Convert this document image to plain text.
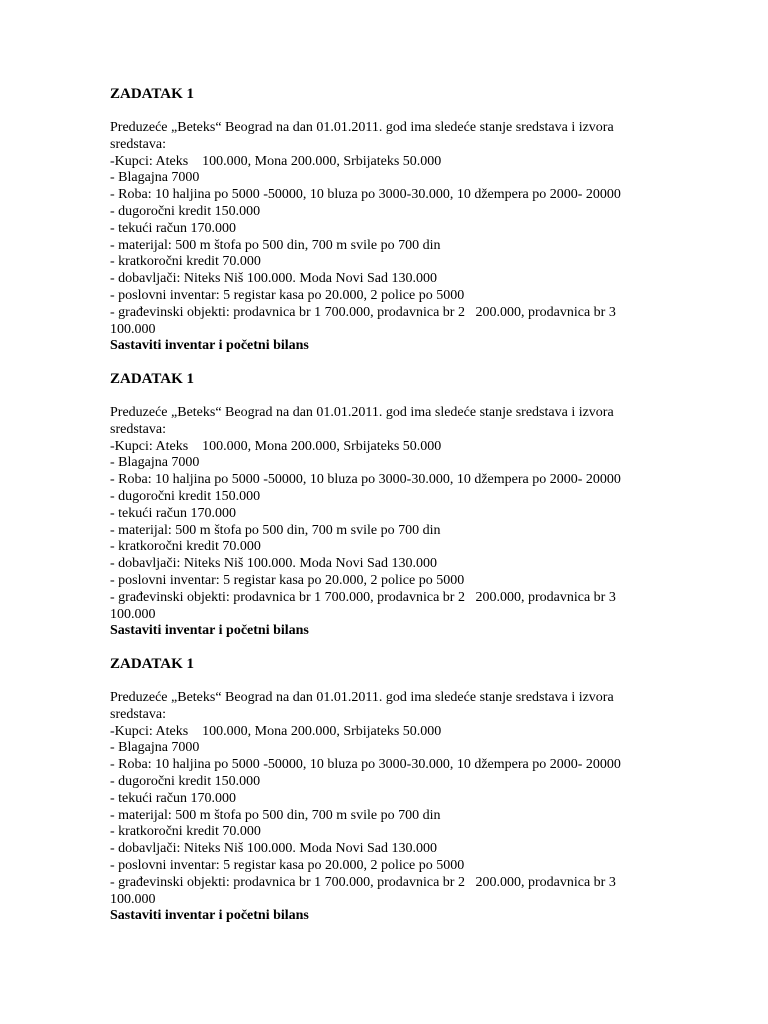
ZADATAK 1
Preduzeće „Beteks“ Beograd na dan 01.01.2011. god ima sledeće stanje sredstava i izvora
sredstava:
-Kupci: Ateks    100.000, Mona 200.000, Srbijateks 50.000
- Blagajna 7000
- Roba: 10 haljina po 5000 -50000, 10 bluza po 3000-30.000, 10 džempera po 2000- 20000
- dugoročni kredit 150.000
- tekući račun 170.000
- materijal: 500 m štofa po 500 din, 700 m svile po 700 din
- kratkoročni kredit 70.000
- dobavljači: Niteks Niš 100.000. Moda Novi Sad 130.000
- poslovni inventar: 5 registar kasa po 20.000, 2 police po 5000
- građevinski objekti: prodavnica br 1 700.000, prodavnica br 2   200.000, prodavnica br 3
100.000
Sastaviti inventar i početni bilans
ZADATAK 1
Preduzeće „Beteks“ Beograd na dan 01.01.2011. god ima sledeće stanje sredstava i izvora
sredstava:
-Kupci: Ateks    100.000, Mona 200.000, Srbijateks 50.000
- Blagajna 7000
- Roba: 10 haljina po 5000 -50000, 10 bluza po 3000-30.000, 10 džempera po 2000- 20000
- dugoročni kredit 150.000
- tekući račun 170.000
- materijal: 500 m štofa po 500 din, 700 m svile po 700 din
- kratkoročni kredit 70.000
- dobavljači: Niteks Niš 100.000. Moda Novi Sad 130.000
- poslovni inventar: 5 registar kasa po 20.000, 2 police po 5000
- građevinski objekti: prodavnica br 1 700.000, prodavnica br 2   200.000, prodavnica br 3
100.000
Sastaviti inventar i početni bilans
ZADATAK 1
Preduzeće „Beteks“ Beograd na dan 01.01.2011. god ima sledeće stanje sredstava i izvora
sredstava:
-Kupci: Ateks    100.000, Mona 200.000, Srbijateks 50.000
- Blagajna 7000
- Roba: 10 haljina po 5000 -50000, 10 bluza po 3000-30.000, 10 džempera po 2000- 20000
- dugoročni kredit 150.000
- tekući račun 170.000
- materijal: 500 m štofa po 500 din, 700 m svile po 700 din
- kratkoročni kredit 70.000
- dobavljači: Niteks Niš 100.000. Moda Novi Sad 130.000
- poslovni inventar: 5 registar kasa po 20.000, 2 police po 5000
- građevinski objekti: prodavnica br 1 700.000, prodavnica br 2   200.000, prodavnica br 3
100.000
Sastaviti inventar i početni bilans
